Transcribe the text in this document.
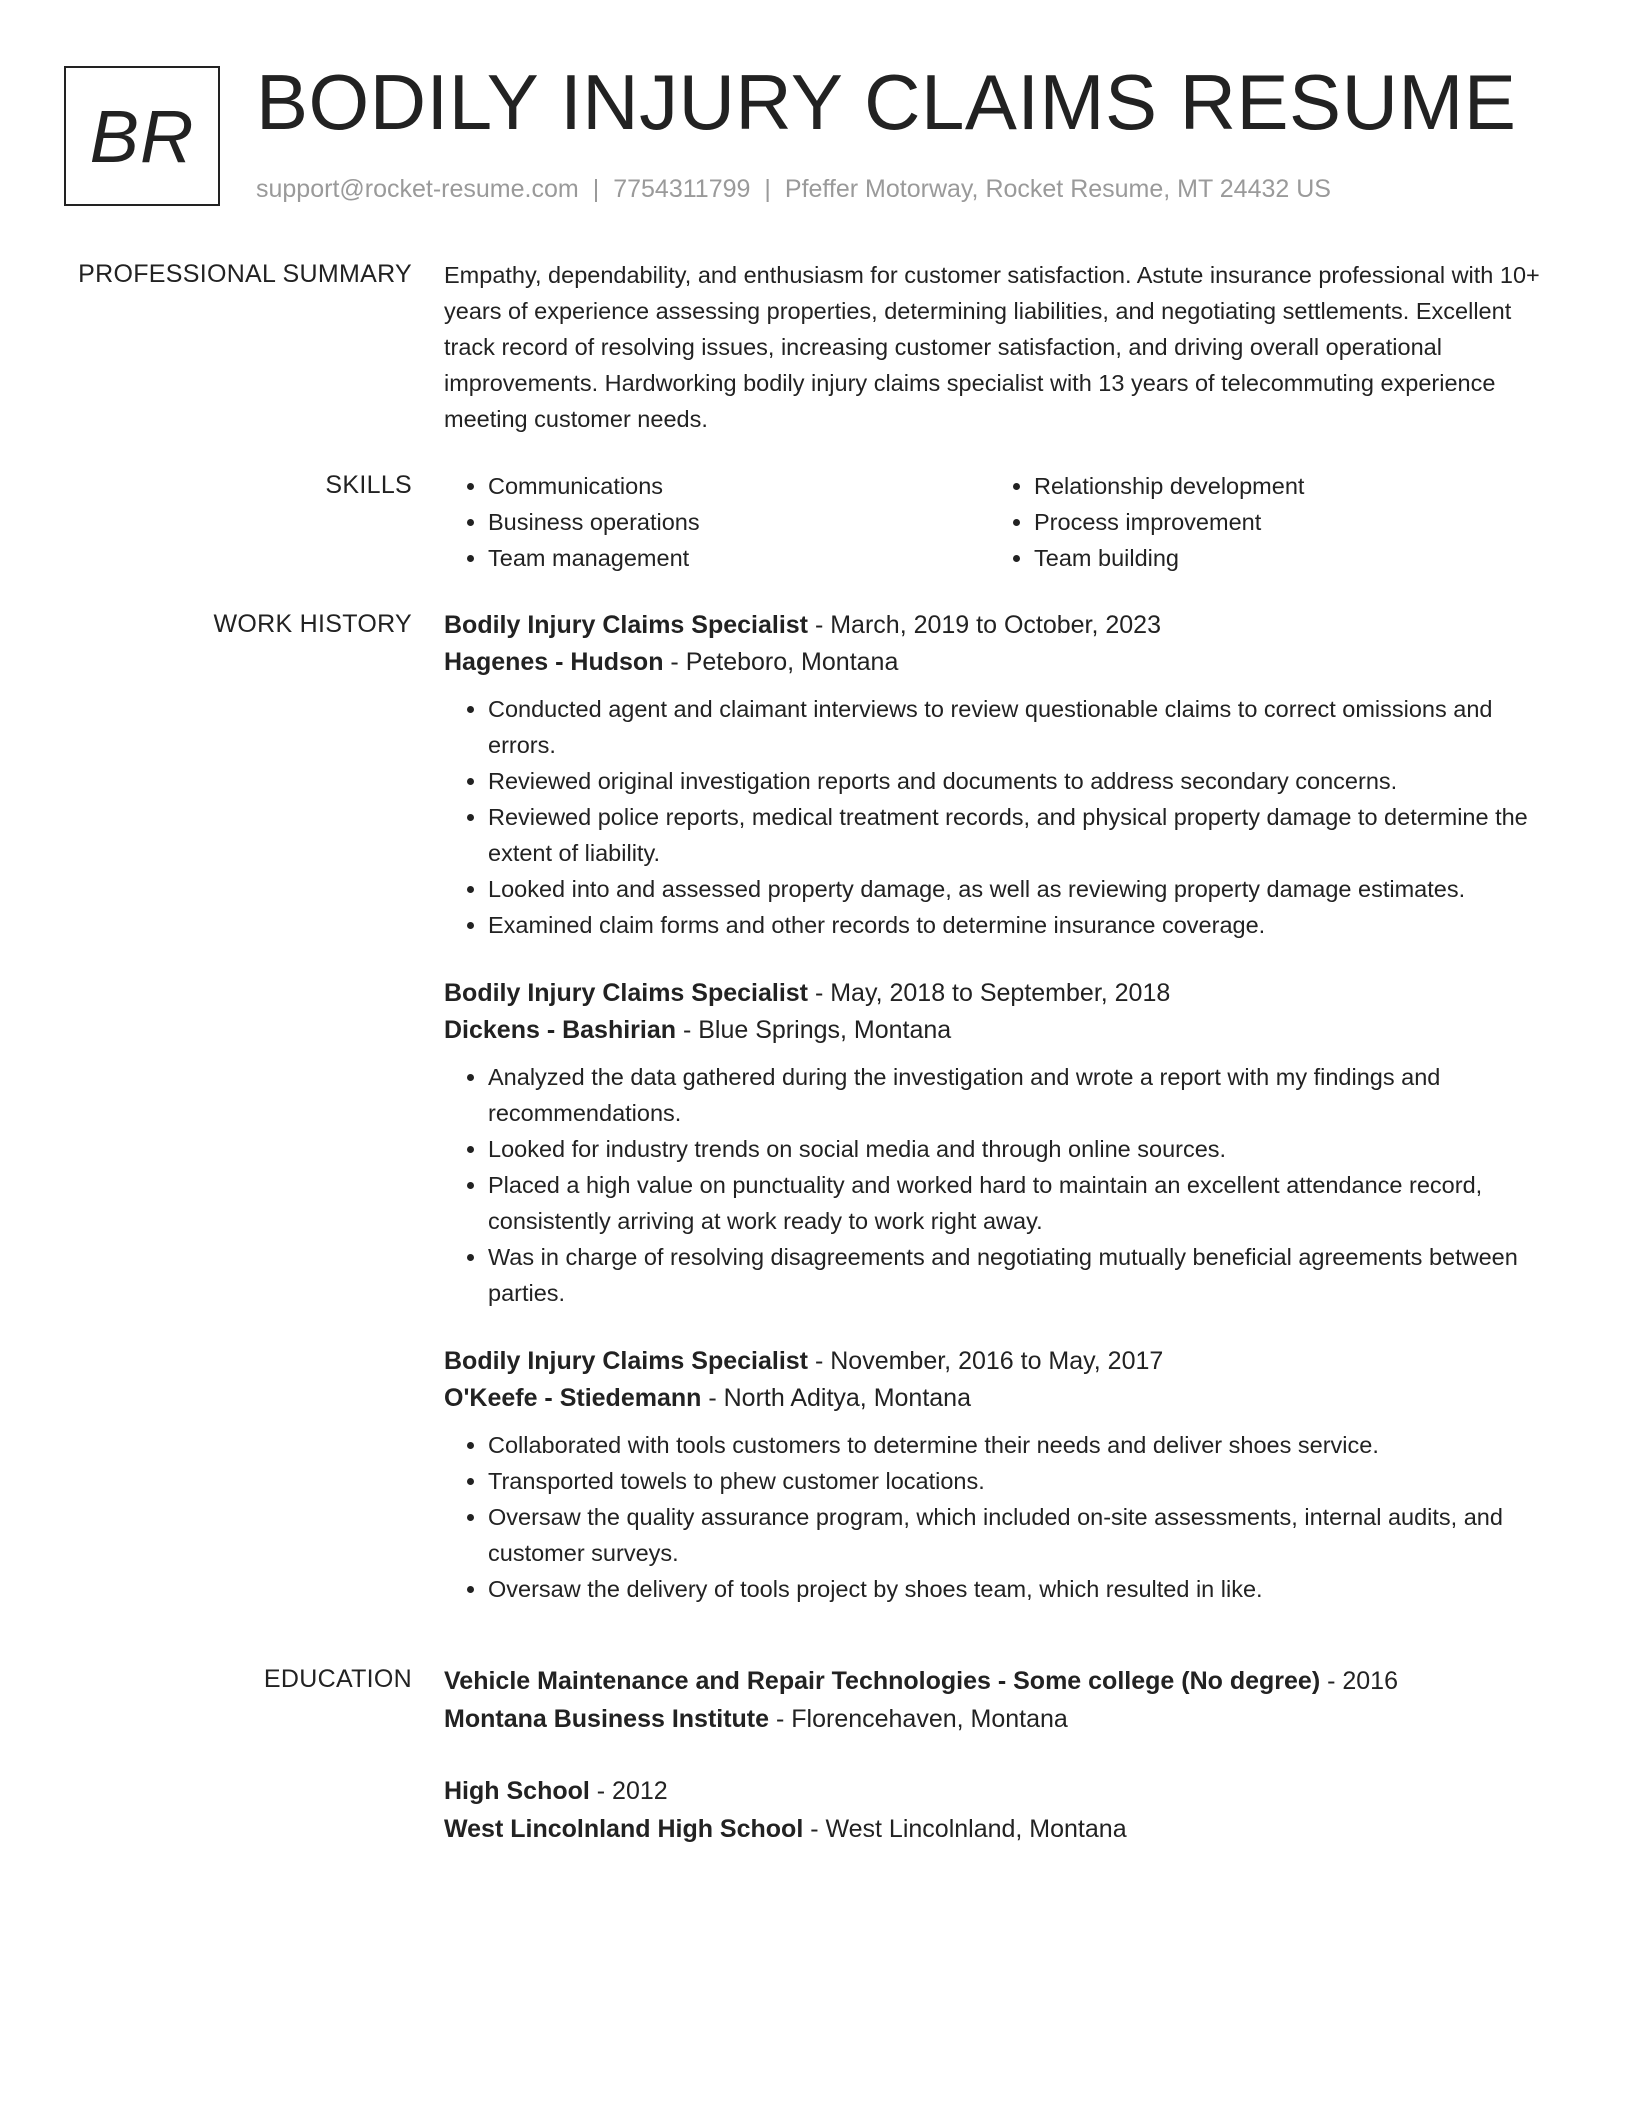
BR BODILY INJURY CLAIMS RESUME
support@rocket-resume.com | 7754311799 | Pfeffer Motorway, Rocket Resume, MT 24432 US
PROFESSIONAL SUMMARY Empathy, dependability, and enthusiasm for customer satisfaction. Astute insurance professional with 10+ years of experience assessing properties, determining liabilities, and negotiating settlements. Excellent track record of resolving issues, increasing customer satisfaction, and driving overall operational improvements. Hardworking bodily injury claims specialist with 13 years of telecommuting experience meeting customer needs.

SKILLS
•	Communications
• Business operations
• Team management
• Relationship development
• Process improvement
• Team building
WORK HISTORY Bodily Injury Claims Specialist - March, 2019 to October, 2023
Hagenes - Hudson - Peteboro, Montana
• Conducted agent and claimant interviews to review questionable claims to correct omissions and errors.
• Reviewed original investigation reports and documents to address secondary concerns.
• Reviewed police reports, medical treatment records, and physical property damage to determine the extent of liability.
• Looked into and assessed property damage, as well as reviewing property damage estimates.
• Examined claim forms and other records to determine insurance coverage.
Bodily Injury Claims Specialist - May, 2018 to September, 2018
Dickens - Bashirian - Blue Springs, Montana
• Analyzed the data gathered during the investigation and wrote a report with my findings and recommendations.
• Looked for industry trends on social media and through online sources.
• Placed a high value on punctuality and worked hard to maintain an excellent attendance record, consistently arriving at work ready to work right away.
• Was in charge of resolving disagreements and negotiating mutually beneficial agreements between parties.
Bodily Injury Claims Specialist - November, 2016 to May, 2017
O'Keefe - Stiedemann - North Aditya, Montana
• Collaborated with tools customers to determine their needs and deliver shoes service.
• Transported towels to phew customer locations.
• Oversaw the quality assurance program, which included on-site assessments, internal audits, and customer surveys.
• Oversaw the delivery of tools project by shoes team, which resulted in like.
EDUCATION Vehicle Maintenance and Repair Technologies - Some college (No degree) - 2016
Montana Business Institute - Florencehaven, Montana
High School - 2012
West Lincolnland High School - West Lincolnland, Montana
